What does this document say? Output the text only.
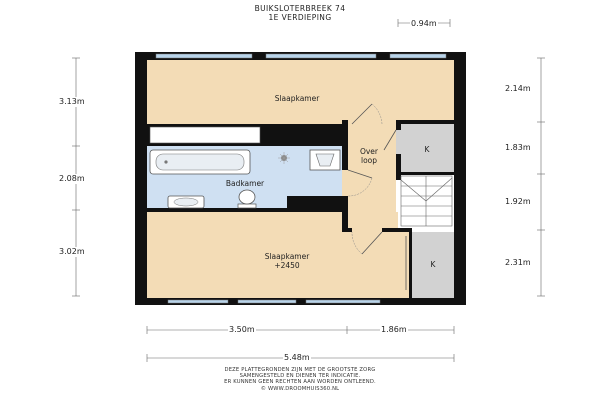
BUIKSLOTERBREEK 74
1E VERDIEPING
Slaapkamer
Badkamer
Over
loop
K
Slaapkamer
+2450	K
0.94m
3.13m
2.08m
3.02m
2.14m
1.83m
1.92m
2.31m
3.50m	1.86m
5.48m
DEZE PLATTEGRONDEN ZIJN MET DE GROOTSTE ZORG
SAMENGESTELD EN DIENEN TER INDICATIE.
ER KUNNEN GEEN RECHTEN AAN WORDEN ONTLEEND.
© WWW.DROOMHUIS360.NL
